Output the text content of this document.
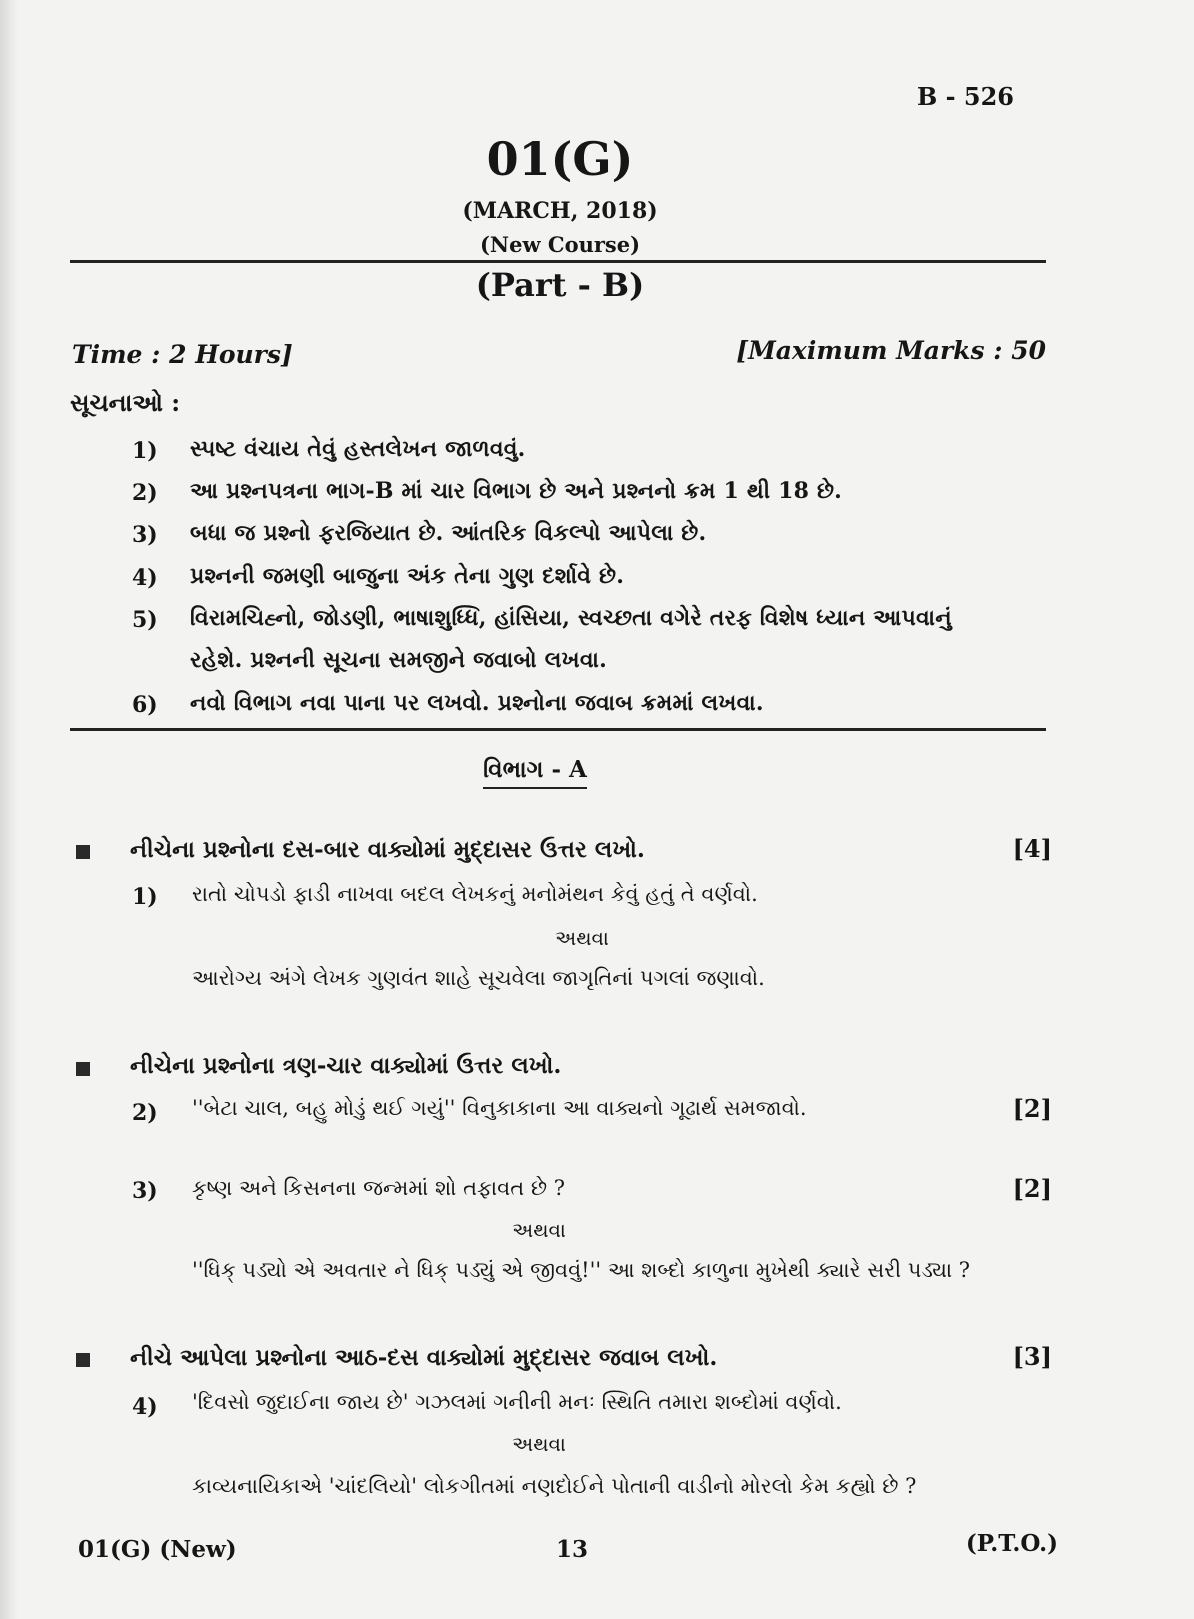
B - 526
01(G)
(MARCH, 2018)
(New Course)
(Part - B)
Time : 2 Hours]	[Maximum Marks : 50
સૂચનાઓ :
1) સ્પષ્ટ વંચાય તેવું હસ્તલેખન જાળવવું.
2) આ પ્રશ્નપત્રના ભાગ-B માં ચાર વિભાગ છે અને પ્રશ્નનો ક્રમ 1 થી 18 છે.
3) બધા જ પ્રશ્નો ફરજિયાત છે. આંતરિક વિકલ્પો આપેલા છે.
4) પ્રશ્નની જમણી બાજુના અંક તેના ગુણ દર્શાવે છે.
5) વિરામચિહ્નો, જોડણી, ભાષાશુધ્ધિ, હાંસિયા, સ્વચ્છતા વગેરે તરફ વિશેષ ધ્યાન આપવાનું
રહેશે. પ્રશ્નની સૂચના સમજીને જવાબો લખવા.
6) નવો વિભાગ નવા પાના પર લખવો. પ્રશ્નોના જવાબ ક્રમમાં લખવા.
વિભાગ - A
નીચેના પ્રશ્નોના દસ-બાર વાક્યોમાં મુદ્દાસર ઉત્તર લખો.	[4]
1) રાતો ચોપડો ફાડી નાખવા બદલ લેખકનું મનોમંથન કેવું હતું તે વર્ણવો.
અથવા
આરોગ્ય અંગે લેખક ગુણવંત શાહે સૂચવેલા જાગૃતિનાં પગલાં જણાવો.
નીચેના પ્રશ્નોના ત્રણ-ચાર વાક્યોમાં ઉત્તર લખો.
2) ''બેટા ચાલ, બહુ મોડું થઈ ગયું'' વિનુકાકાના આ વાક્યનો ગૂઢાર્થ સમજાવો.	[2]
3) કૃષ્ણ અને કિસનના જન્મમાં શો તફાવત છે ?	[2]
અથવા
''ધિક્ પડ્યો એ અવતાર ને ધિક્ પડ્યું એ જીવવું!'' આ શબ્દો કાળુના મુખેથી ક્યારે સરી પડ્યા ?
નીચે આપેલા પ્રશ્નોના આઠ-દસ વાક્યોમાં મુદ્દાસર જવાબ લખો.	[3]
4) 'દિવસો જુદાઈના જાય છે' ગઝલમાં ગનીની મનઃ સ્થિતિ તમારા શબ્દોમાં વર્ણવો.
અથવા
કાવ્યનાયિકાએ 'ચાંદલિયો' લોકગીતમાં નણદોઈને પોતાની વાડીનો મોરલો કેમ કહ્યો છે ?
01(G) (New)	13	(P.T.O.)
